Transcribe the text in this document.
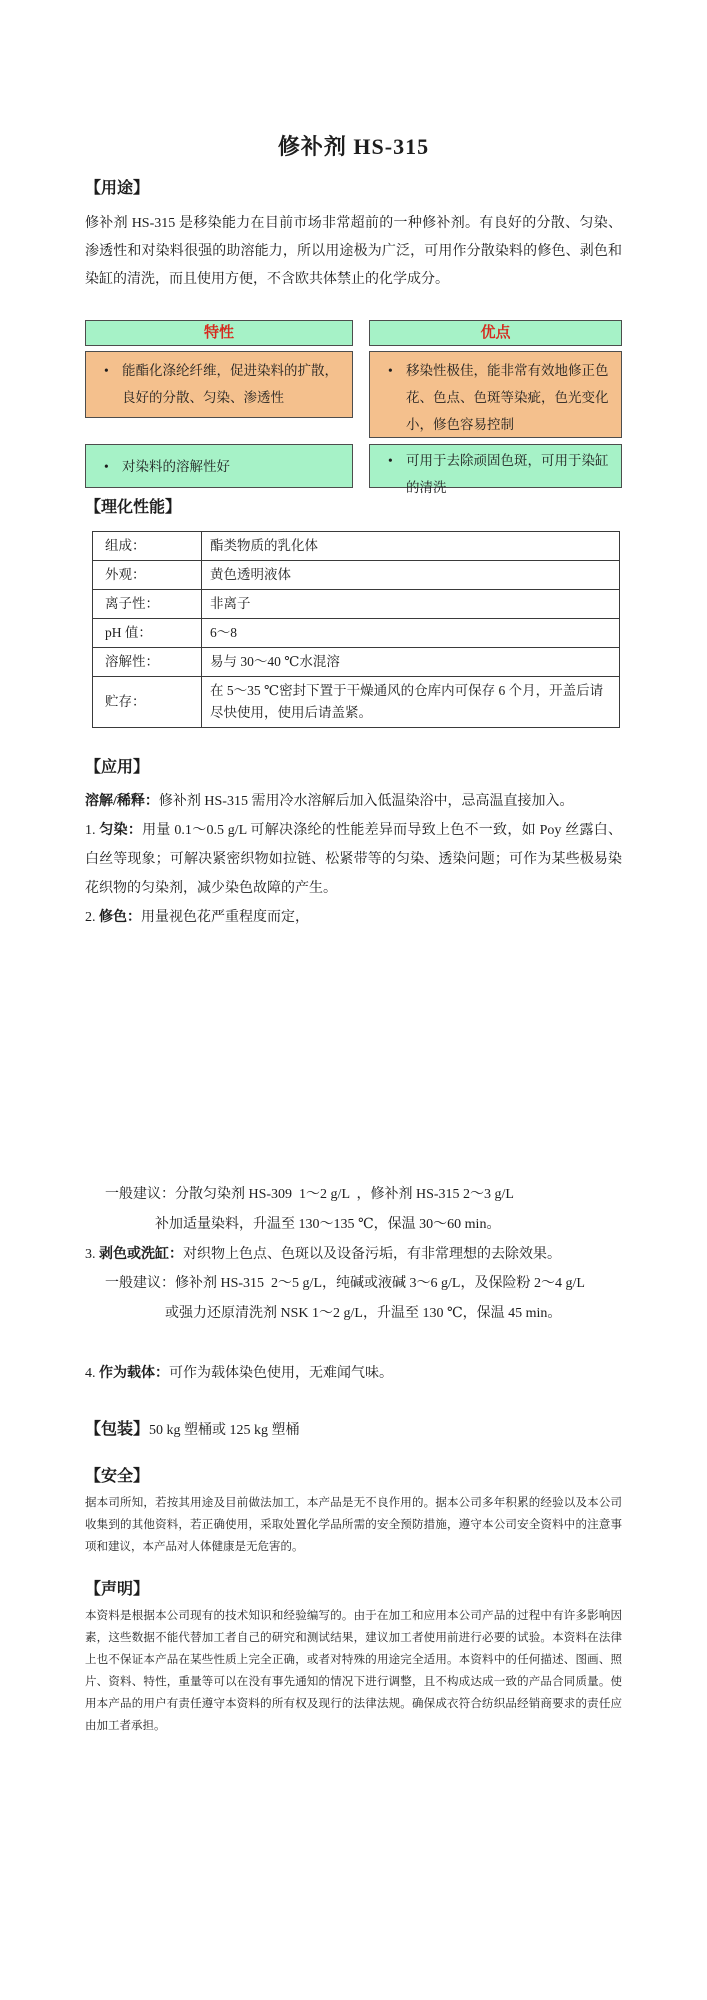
修补剂 HS-315
【用途】
修补剂 HS-315 是移染能力在目前市场非常超前的一种修补剂。有良好的分散、匀染、渗透性和对染料很强的助溶能力，所以用途极为广泛，可用作分散染料的修色、剥色和染缸的清洗，而且使用方便，不含欧共体禁止的化学成分。
特性
• 能酯化涤纶纤维，促进染料的扩散，良好的分散、匀染、渗透性
• 对染料的溶解性好
优点
• 移染性极佳，能非常有效地修正色花、色点、色斑等染疵，色光变化小，修色容易控制
• 可用于去除顽固色斑，可用于染缸的清洗
【理化性能】
组成：	酯类物质的乳化体
外观：	黄色透明液体
离子性：	非离子
pH 值：	6～8
溶解性：	易与 30～40 ℃水混溶
贮存：	在 5～35 ℃密封下置于干燥通风的仓库内可保存 6 个月，开盖后请尽快使用，使用后请盖紧。
【应用】
溶解/稀释：修补剂 HS-315 需用冷水溶解后加入低温染浴中，忌高温直接加入。
1. 匀染：用量 0.1～0.5 g/L 可解决涤纶的性能差异而导致上色不一致，如 Poy 丝露白、白丝等现象；可解决紧密织物如拉链、松紧带等的匀染、透染问题；可作为某些极易染花织物的匀染剂，减少染色故障的产生。
2. 修色：用量视色花严重程度而定，
一般建议：分散匀染剂 HS-309  1～2 g/L  ，修补剂 HS-315 2～3 g/L
补加适量染料，升温至 130～135 ℃，保温 30～60 min。
3. 剥色或洗缸：对织物上色点、色斑以及设备污垢，有非常理想的去除效果。
一般建议：修补剂 HS-315  2～5 g/L，纯碱或液碱 3～6 g/L，及保险粉 2～4 g/L
或强力还原清洗剂 NSK 1～2 g/L，升温至 130 ℃，保温 45 min。
4. 作为载体：可作为载体染色使用，无难闻气味。
【包装】50 kg 塑桶或 125 kg 塑桶
【安全】
据本司所知，若按其用途及目前做法加工，本产品是无不良作用的。据本公司多年积累的经验以及本公司收集到的其他资料，若正确使用，采取处置化学品所需的安全预防措施，遵守本公司安全资料中的注意事项和建议，本产品对人体健康是无危害的。
【声明】
本资料是根据本公司现有的技术知识和经验编写的。由于在加工和应用本公司产品的过程中有许多影响因素，这些数据不能代替加工者自己的研究和测试结果，建议加工者使用前进行必要的试验。本资料在法律上也不保证本产品在某些性质上完全正确，或者对特殊的用途完全适用。本资料中的任何描述、图画、照片、资料、特性，重量等可以在没有事先通知的情况下进行调整，且不构成达成一致的产品合同质量。使用本产品的用户有责任遵守本资料的所有权及现行的法律法规。确保成衣符合纺织品经销商要求的责任应由加工者承担。
